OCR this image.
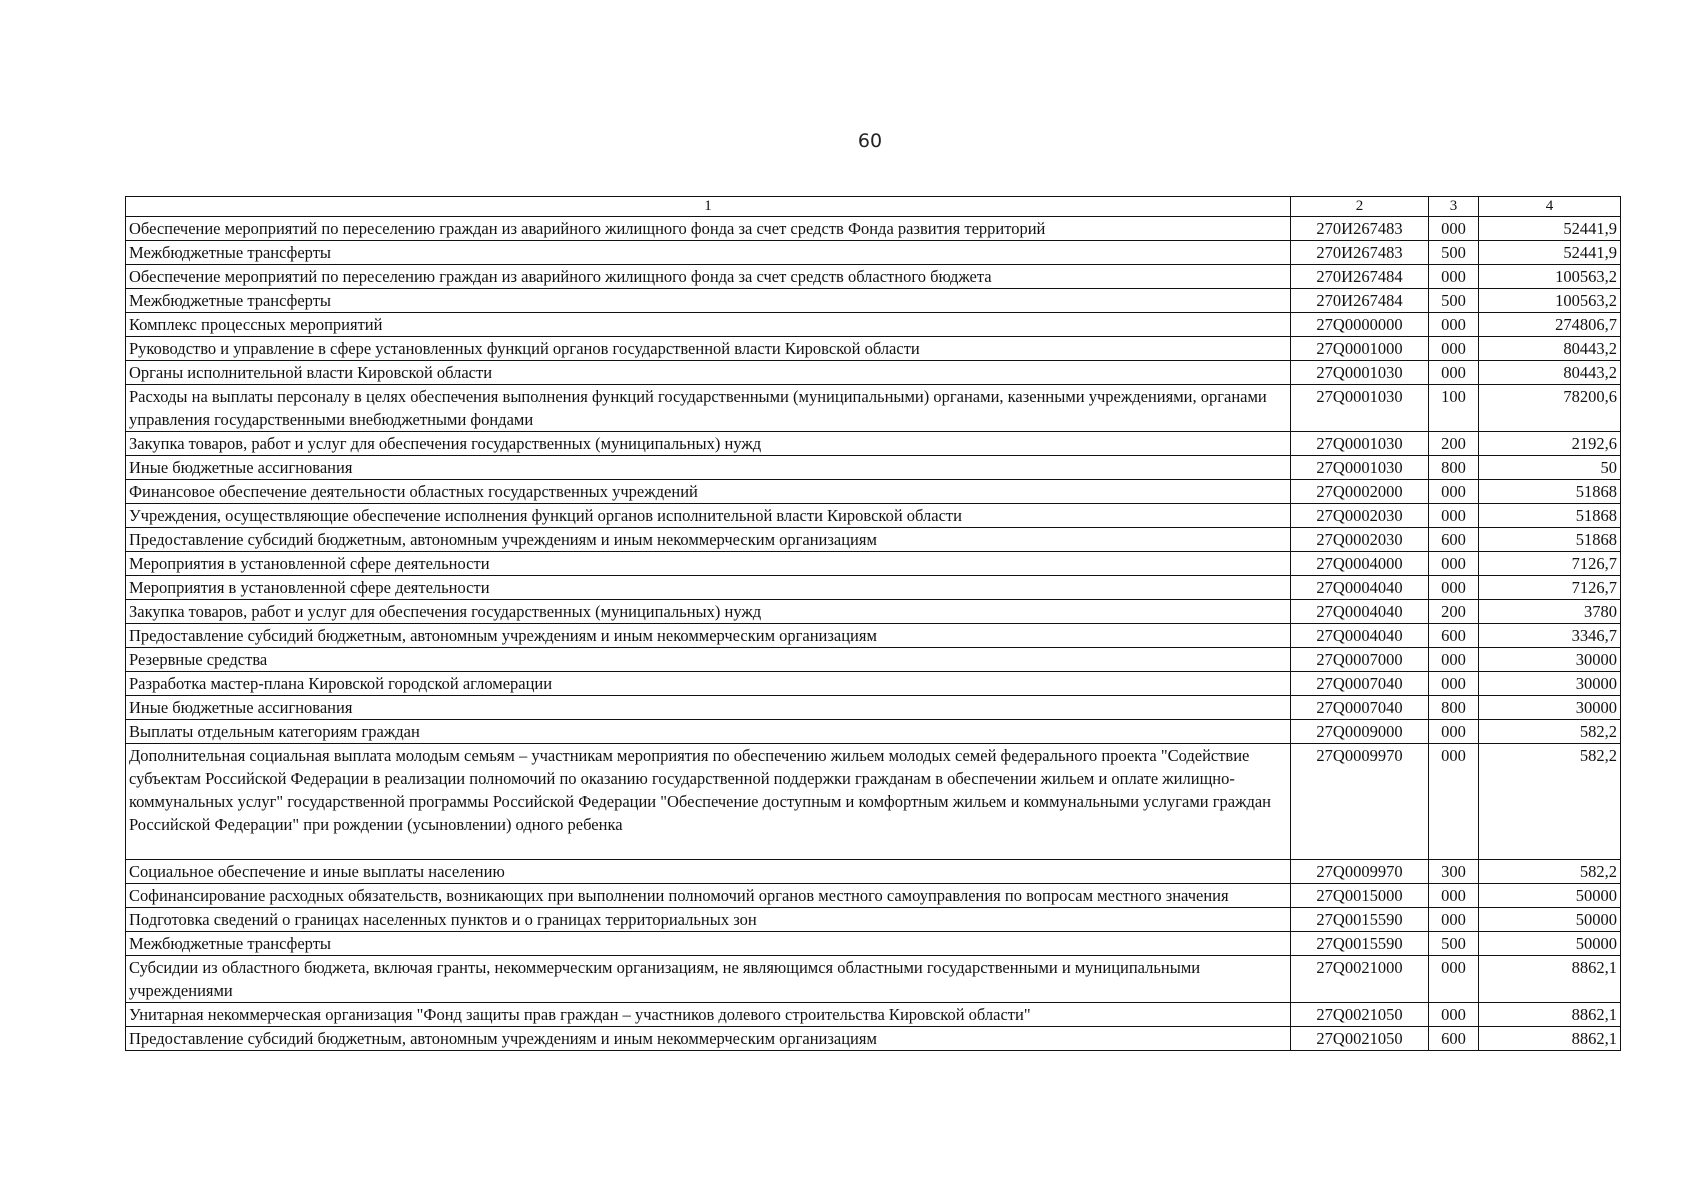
60
1	2	3	4
Обеспечение мероприятий по переселению граждан из аварийного жилищного фонда за счет средств Фонда развития территорий	270И267483	000	52441,9
Межбюджетные трансферты	270И267483	500	52441,9
Обеспечение мероприятий по переселению граждан из аварийного жилищного фонда за счет средств областного бюджета	270И267484	000	100563,2
Межбюджетные трансферты	270И267484	500	100563,2
Комплекс процессных мероприятий	27Q0000000	000	274806,7
Руководство и управление в сфере установленных функций органов государственной власти Кировской области	27Q0001000	000	80443,2
Органы исполнительной власти Кировской области	27Q0001030	000	80443,2
Расходы на выплаты персоналу в целях обеспечения выполнения функций государственными (муниципальными) органами, казенными учреждениями, органами управления государственными внебюджетными фондами	27Q0001030	100	78200,6
Закупка товаров, работ и услуг для обеспечения государственных (муниципальных) нужд	27Q0001030	200	2192,6
Иные бюджетные ассигнования	27Q0001030	800	50
Финансовое обеспечение деятельности областных государственных учреждений	27Q0002000	000	51868
Учреждения, осуществляющие обеспечение исполнения функций органов исполнительной власти Кировской области	27Q0002030	000	51868
Предоставление субсидий бюджетным, автономным учреждениям и иным некоммерческим организациям	27Q0002030	600	51868
Мероприятия в установленной сфере деятельности	27Q0004000	000	7126,7
Мероприятия в установленной сфере деятельности	27Q0004040	000	7126,7
Закупка товаров, работ и услуг для обеспечения государственных (муниципальных) нужд	27Q0004040	200	3780
Предоставление субсидий бюджетным, автономным учреждениям и иным некоммерческим организациям	27Q0004040	600	3346,7
Резервные средства	27Q0007000	000	30000
Разработка мастер-плана Кировской городской агломерации	27Q0007040	000	30000
Иные бюджетные ассигнования	27Q0007040	800	30000
Выплаты отдельным категориям граждан	27Q0009000	000	582,2
Дополнительная социальная выплата молодым семьям – участникам мероприятия по обеспечению жильем молодых семей федерального проекта "Содействие субъектам Российской Федерации в реализации полномочий по оказанию государственной поддержки гражданам в обеспечении жильем и оплате жилищно-коммунальных услуг" государственной программы Российской Федерации "Обеспечение доступным и комфортным жильем и коммунальными услугами граждан Российской Федерации" при рождении (усыновлении) одного ребенка	27Q0009970	000	582,2
Социальное обеспечение и иные выплаты населению	27Q0009970	300	582,2
Софинансирование расходных обязательств, возникающих при выполнении полномочий органов местного самоуправления по вопросам местного значения	27Q0015000	000	50000
Подготовка сведений о границах населенных пунктов и о границах территориальных зон	27Q0015590	000	50000
Межбюджетные трансферты	27Q0015590	500	50000
Субсидии из областного бюджета, включая гранты, некоммерческим организациям, не являющимся областными государственными и муниципальными учреждениями	27Q0021000	000	8862,1
Унитарная некоммерческая организация "Фонд защиты прав граждан – участников долевого строительства Кировской области"	27Q0021050	000	8862,1
Предоставление субсидий бюджетным, автономным учреждениям и иным некоммерческим организациям	27Q0021050	600	8862,1
